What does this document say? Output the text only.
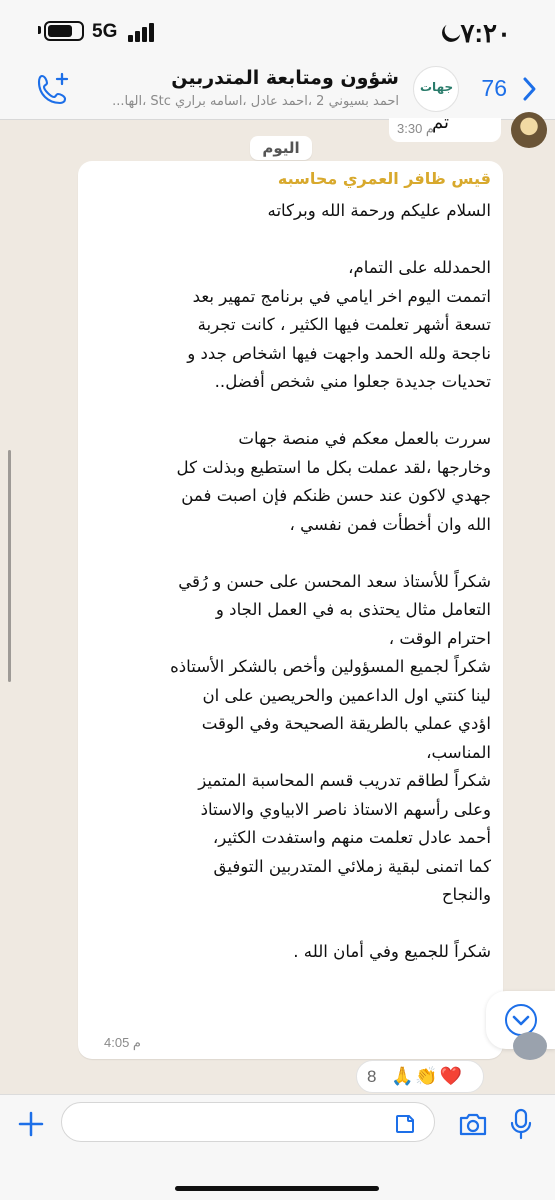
5G	٧:٢٠
شؤون ومتابعة المتدربين
احمد بسيوني 2 ،احمد عادل ،اسامه براري Stc ،الها...
جهات 76
تم
3:30 م
اليوم
قيس ظافر العمري محاسبه
السلام عليكم ورحمة الله وبركاته

الحمدلله على التمام،
اتممت اليوم اخر ايامي في برنامج تمهير بعد
تسعة أشهر تعلمت فيها الكثير ، كانت تجربة
ناجحة ولله الحمد واجهت فيها اشخاص جدد و
تحديات جديدة جعلوا مني شخص أفضل..

سررت بالعمل معكم في منصة جهات
وخارجها ،لقد عملت بكل ما استطيع وبذلت كل
جهدي لاكون عند حسن ظنكم فإن اصبت فمن
الله وان أخطأت فمن نفسي ،

شكراً للأستاذ سعد المحسن على حسن و رُقي
التعامل مثال يحتذى به في العمل الجاد و
احترام الوقت ،
شكراً لجميع المسؤولين وأخص بالشكر الأستاذه
لينا كنتي اول الداعمين والحريصين على ان
اؤدي عملي بالطريقة الصحيحة وفي الوقت
المناسب،
شكراً لطاقم تدريب قسم المحاسبة المتميز
وعلى رأسهم الاستاذ ناصر الابياوي والاستاذ
أحمد عادل تعلمت منهم واستفدت الكثير،
كما اتمنى لبقية زملائي المتدربين التوفيق
والنجاح

شكراً للجميع وفي أمان الله .
4:05 م
8 🙏👏❤️
